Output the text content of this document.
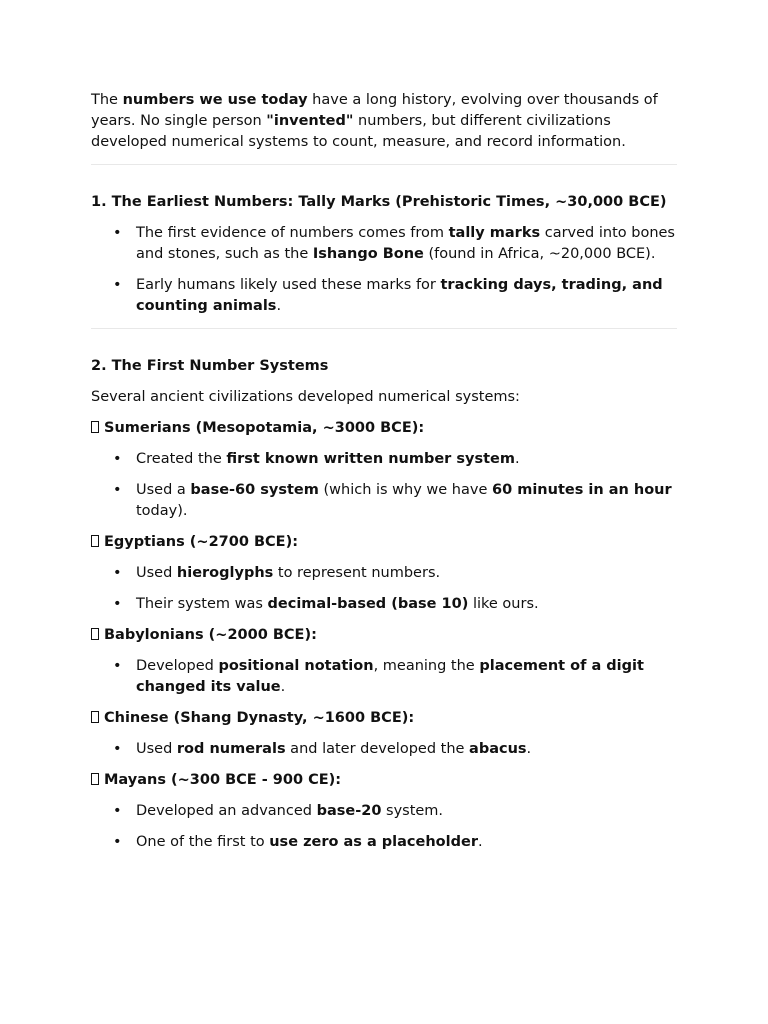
The numbers we use today have a long history, evolving over thousands of years. No single person "invented" numbers, but different civilizations developed numerical systems to count, measure, and record information.

1. The Earliest Numbers: Tally Marks (Prehistoric Times, ~30,000 BCE)
• The first evidence of numbers comes from tally marks carved into bones and stones, such as the Ishango Bone (found in Africa, ~20,000 BCE).
• Early humans likely used these marks for tracking days, trading, and counting animals.
2. The First Number Systems

Several ancient civilizations developed numerical systems:

Sumerians (Mesopotamia, ~3000 BCE):

• Created the first known written number system.
• Used a base-60 system (which is why we have 60 minutes in an hour today).

Egyptians (~2700 BCE):

• Used hieroglyphs to represent numbers.
• Their system was decimal-based (base 10) like ours.

Babylonians (~2000 BCE):

• Developed positional notation, meaning the placement of a digit changed its value.

Chinese (Shang Dynasty, ~1600 BCE):

• Used rod numerals and later developed the abacus.

Mayans (~300 BCE - 900 CE):

• Developed an advanced base-20 system.
• One of the first to use zero as a placeholder.
